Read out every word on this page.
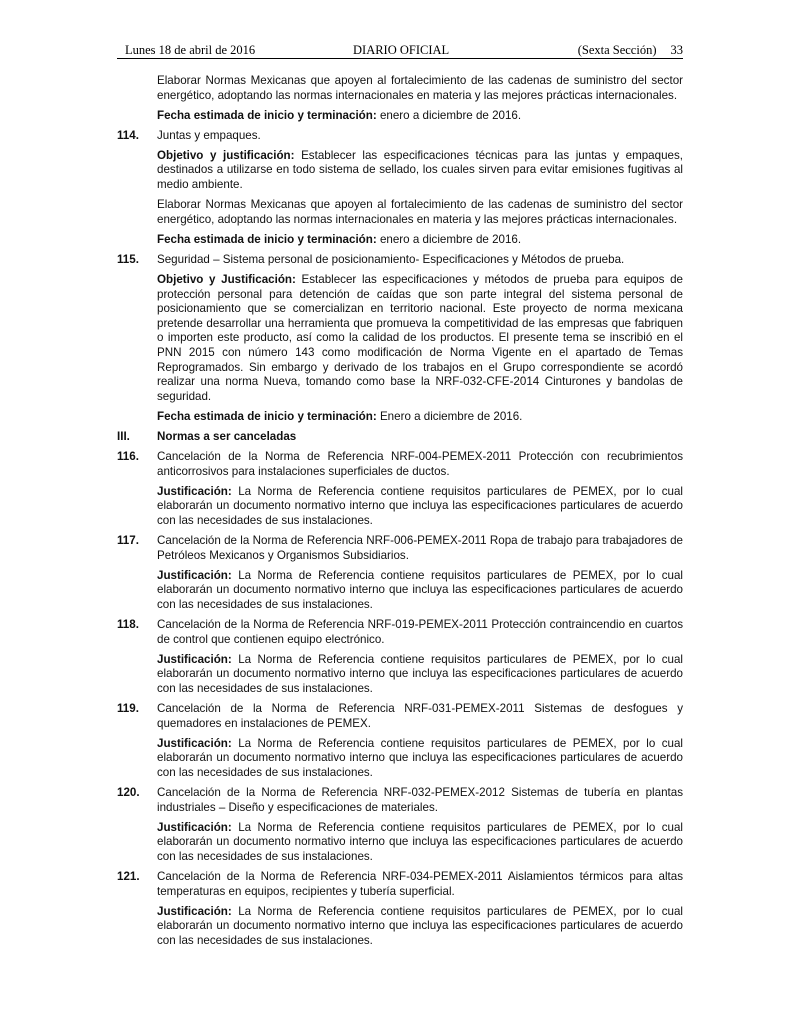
Lunes 18 de abril de 2016	DIARIO OFICIAL	(Sexta Sección) 33

Elaborar Normas Mexicanas que apoyen al fortalecimiento de las cadenas de suministro del sector energético, adoptando las normas internacionales en materia y las mejores prácticas internacionales.

Fecha estimada de inicio y terminación: enero a diciembre de 2016.

114. Juntas y empaques.

Objetivo y justificación: Establecer las especificaciones técnicas para las juntas y empaques, destinados a utilizarse en todo sistema de sellado, los cuales sirven para evitar emisiones fugitivas al medio ambiente.

Elaborar Normas Mexicanas que apoyen al fortalecimiento de las cadenas de suministro del sector energético, adoptando las normas internacionales en materia y las mejores prácticas internacionales.

Fecha estimada de inicio y terminación: enero a diciembre de 2016.

115. Seguridad – Sistema personal de posicionamiento- Especificaciones y Métodos de prueba.

Objetivo y Justificación: Establecer las especificaciones y métodos de prueba para equipos de protección personal para detención de caídas que son parte integral del sistema personal de posicionamiento que se comercializan en territorio nacional. Este proyecto de norma mexicana pretende desarrollar una herramienta que promueva la competitividad de las empresas que fabriquen o importen este producto, así como la calidad de los productos. El presente tema se inscribió en el PNN 2015 con número 143 como modificación de Norma Vigente en el apartado de Temas Reprogramados. Sin embargo y derivado de los trabajos en el Grupo correspondiente se acordó realizar una norma Nueva, tomando como base la NRF-032-CFE-2014 Cinturones y bandolas de seguridad.

Fecha estimada de inicio y terminación: Enero a diciembre de 2016.

III. Normas a ser canceladas

116. Cancelación de la Norma de Referencia NRF-004-PEMEX-2011 Protección con recubrimientos anticorrosivos para instalaciones superficiales de ductos.

Justificación: La Norma de Referencia contiene requisitos particulares de PEMEX, por lo cual elaborarán un documento normativo interno que incluya las especificaciones particulares de acuerdo con las necesidades de sus instalaciones.

117. Cancelación de la Norma de Referencia NRF-006-PEMEX-2011 Ropa de trabajo para trabajadores de Petróleos Mexicanos y Organismos Subsidiarios.

Justificación: La Norma de Referencia contiene requisitos particulares de PEMEX, por lo cual elaborarán un documento normativo interno que incluya las especificaciones particulares de acuerdo con las necesidades de sus instalaciones.

118. Cancelación de la Norma de Referencia NRF-019-PEMEX-2011 Protección contraincendio en cuartos de control que contienen equipo electrónico.

Justificación: La Norma de Referencia contiene requisitos particulares de PEMEX, por lo cual elaborarán un documento normativo interno que incluya las especificaciones particulares de acuerdo con las necesidades de sus instalaciones.

119. Cancelación de la Norma de Referencia NRF-031-PEMEX-2011 Sistemas de desfogues y quemadores en instalaciones de PEMEX.

Justificación: La Norma de Referencia contiene requisitos particulares de PEMEX, por lo cual elaborarán un documento normativo interno que incluya las especificaciones particulares de acuerdo con las necesidades de sus instalaciones.

120. Cancelación de la Norma de Referencia NRF-032-PEMEX-2012 Sistemas de tubería en plantas industriales – Diseño y especificaciones de materiales.

Justificación: La Norma de Referencia contiene requisitos particulares de PEMEX, por lo cual elaborarán un documento normativo interno que incluya las especificaciones particulares de acuerdo con las necesidades de sus instalaciones.

121. Cancelación de la Norma de Referencia NRF-034-PEMEX-2011 Aislamientos térmicos para altas temperaturas en equipos, recipientes y tubería superficial.

Justificación: La Norma de Referencia contiene requisitos particulares de PEMEX, por lo cual elaborarán un documento normativo interno que incluya las especificaciones particulares de acuerdo con las necesidades de sus instalaciones.
